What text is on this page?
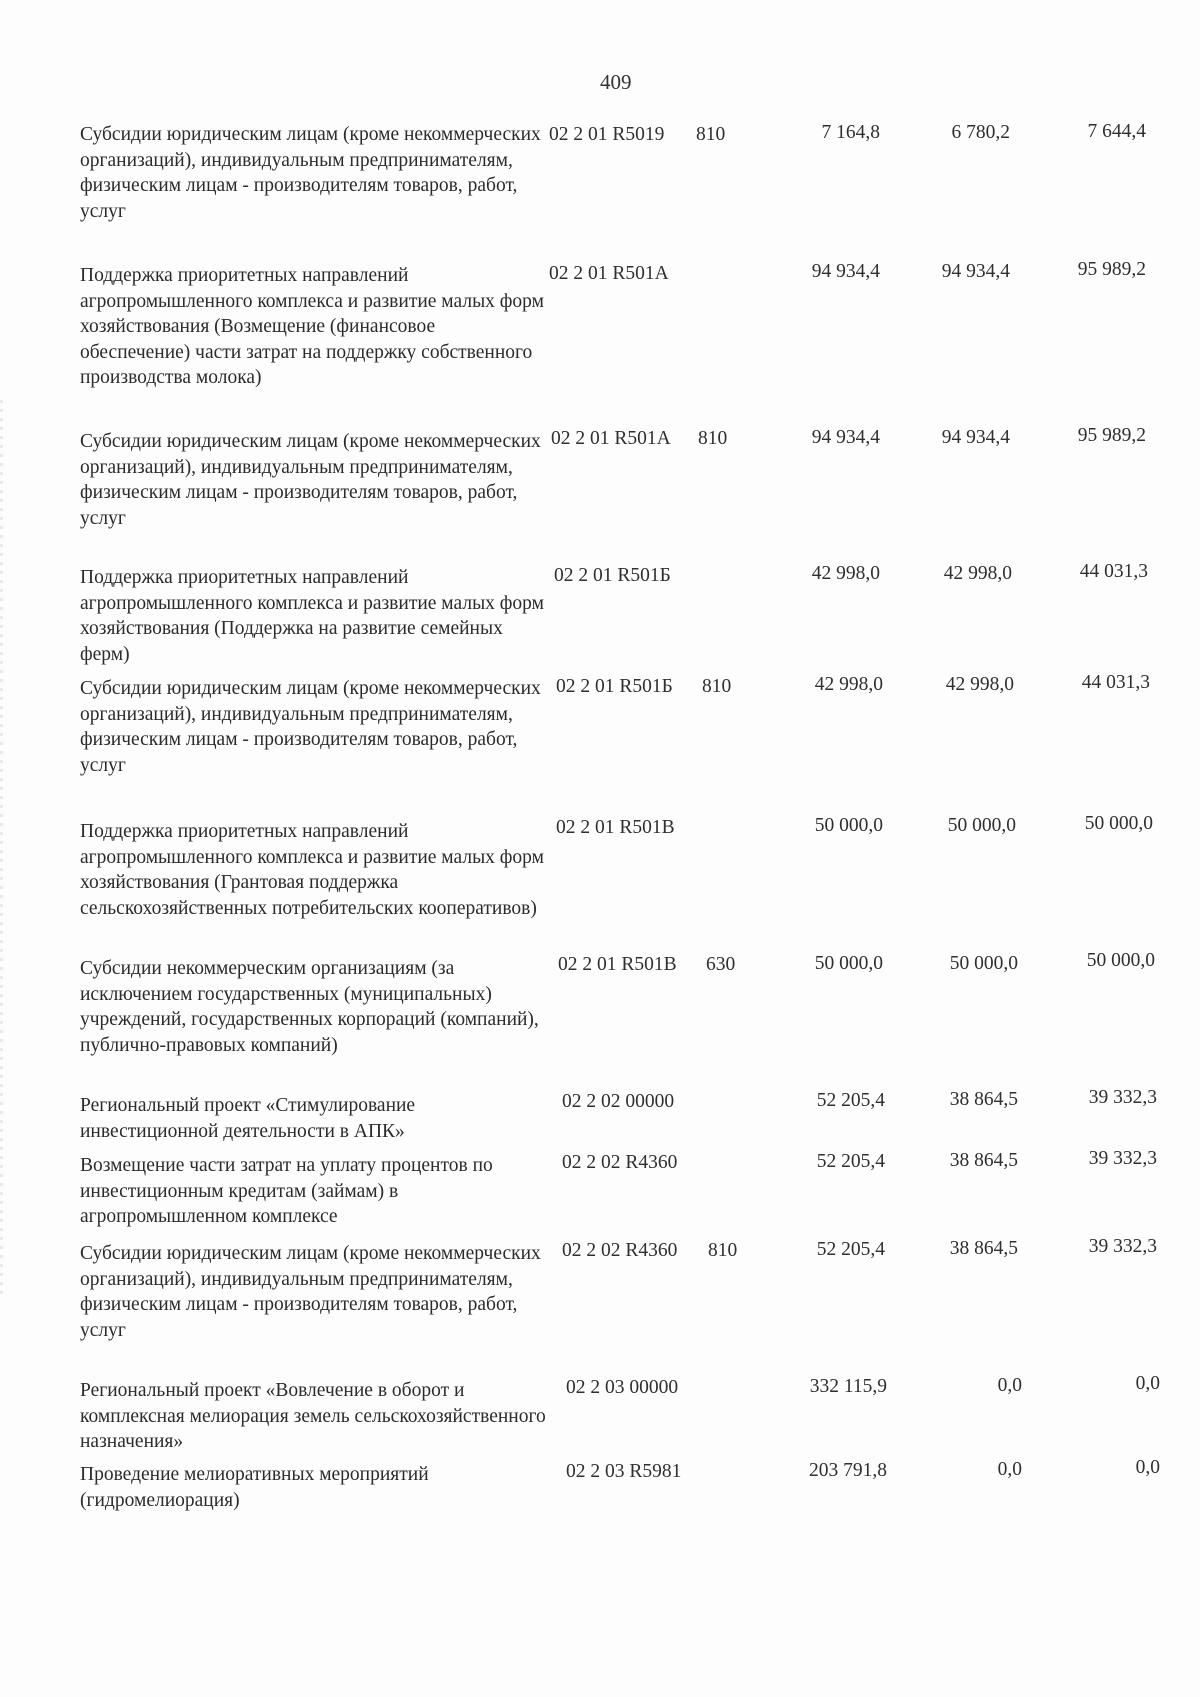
409
Субсидии юридическим лицам (кроме некоммерческих организаций), индивидуальным предпринимателям, физическим лицам - производителям товаров, работ, услуг
02 2 01 R5019 810	7 164,8	6 780,2	7 644,4
Поддержка приоритетных направлений агропромышленного комплекса и развитие малых форм хозяйствования (Возмещение (финансовое обеспечение) части затрат на поддержку собственного производства молока)
02 2 01 R501А	94 934,4	94 934,4	95 989,2
Субсидии юридическим лицам (кроме некоммерческих организаций), индивидуальным предпринимателям, физическим лицам - производителям товаров, работ, услуг
02 2 01 R501А 810	94 934,4	94 934,4	95 989,2
Поддержка приоритетных направлений агропромышленного комплекса и развитие малых форм хозяйствования (Поддержка на развитие семейных ферм)
02 2 01 R501Б	42 998,0	42 998,0	44 031,3
Субсидии юридическим лицам (кроме некоммерческих организаций), индивидуальным предпринимателям, физическим лицам - производителям товаров, работ, услуг
02 2 01 R501Б 810	42 998,0	42 998,0	44 031,3
Поддержка приоритетных направлений агропромышленного комплекса и развитие малых форм хозяйствования (Грантовая поддержка сельскохозяйственных потребительских кооперативов)
02 2 01 R501В	50 000,0	50 000,0	50 000,0
Субсидии некоммерческим организациям (за исключением государственных (муниципальных) учреждений, государственных корпораций (компаний), публично-правовых компаний)
02 2 01 R501В 630	50 000,0	50 000,0	50 000,0
Региональный проект «Стимулирование инвестиционной деятельности в АПК»
02 2 02 00000	52 205,4	38 864,5	39 332,3
Возмещение части затрат на уплату процентов по инвестиционным кредитам (займам) в агропромышленном комплексе
02 2 02 R4360	52 205,4	38 864,5	39 332,3
Субсидии юридическим лицам (кроме некоммерческих организаций), индивидуальным предпринимателям, физическим лицам - производителям товаров, работ, услуг
02 2 02 R4360 810	52 205,4	38 864,5	39 332,3
Региональный проект «Вовлечение в оборот и комплексная мелиорация земель сельскохозяйственного назначения»
02 2 03 00000	332 115,9	0,0	0,0
Проведение мелиоративных мероприятий (гидромелиорация)
02 2 03 R5981	203 791,8	0,0	0,0
